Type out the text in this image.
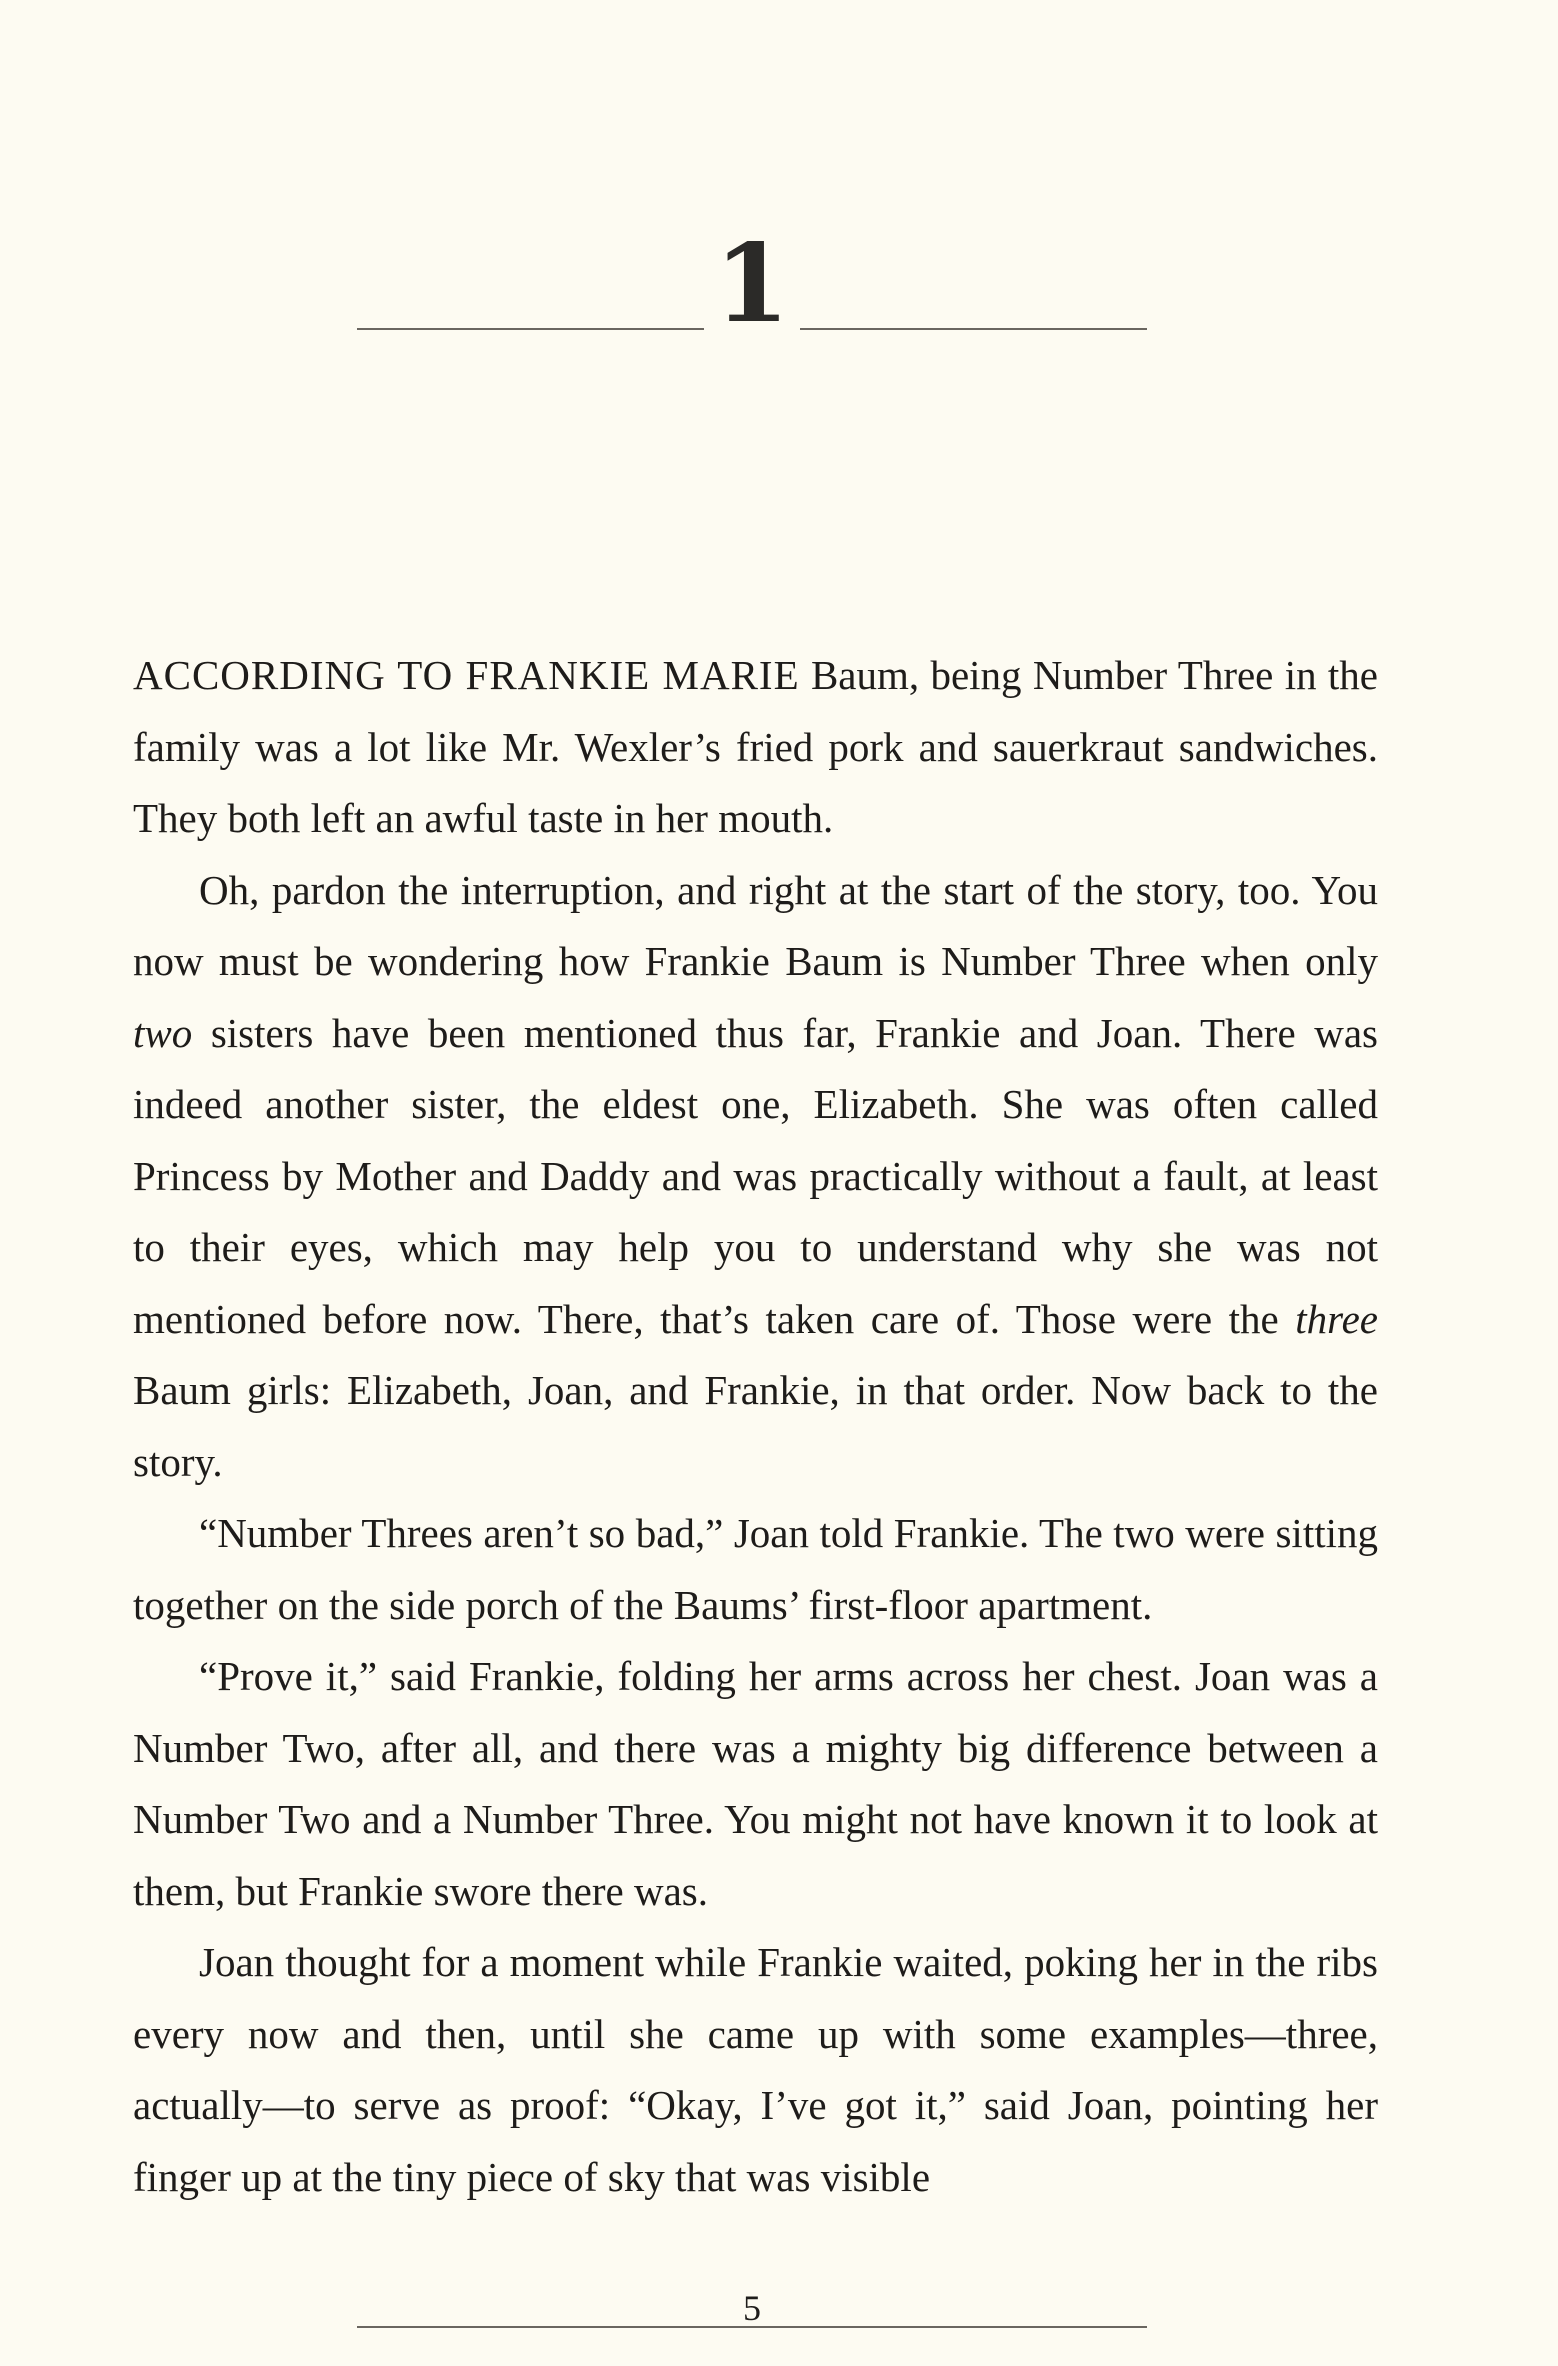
1

ACCORDING TO FRANKIE MARIE Baum, being Number Three in the family was a lot like Mr. Wexler’s fried pork and sauerkraut sandwiches. They both left an awful taste in her mouth.

Oh, pardon the interruption, and right at the start of the story, too. You now must be wondering how Frankie Baum is Number Three when only two sisters have been mentioned thus far, Frankie and Joan. There was indeed another sister, the eldest one, Elizabeth. She was often called Princess by Mother and Daddy and was practically without a fault, at least to their eyes, which may help you to understand why she was not mentioned before now. There, that’s taken care of. Those were the three Baum girls: Elizabeth, Joan, and Frankie, in that order. Now back to the story.

“Number Threes aren’t so bad,” Joan told Frankie. The two were sitting together on the side porch of the Baums’ first-floor apartment.

“Prove it,” said Frankie, folding her arms across her chest. Joan was a Number Two, after all, and there was a mighty big difference between a Number Two and a Number Three. You might not have known it to look at them, but Frankie swore there was.

Joan thought for a moment while Frankie waited, poking her in the ribs every now and then, until she came up with some examples—three, actually—to serve as proof: “Okay, I’ve got it,” said Joan, pointing her finger up at the tiny piece of sky that was visible

5
